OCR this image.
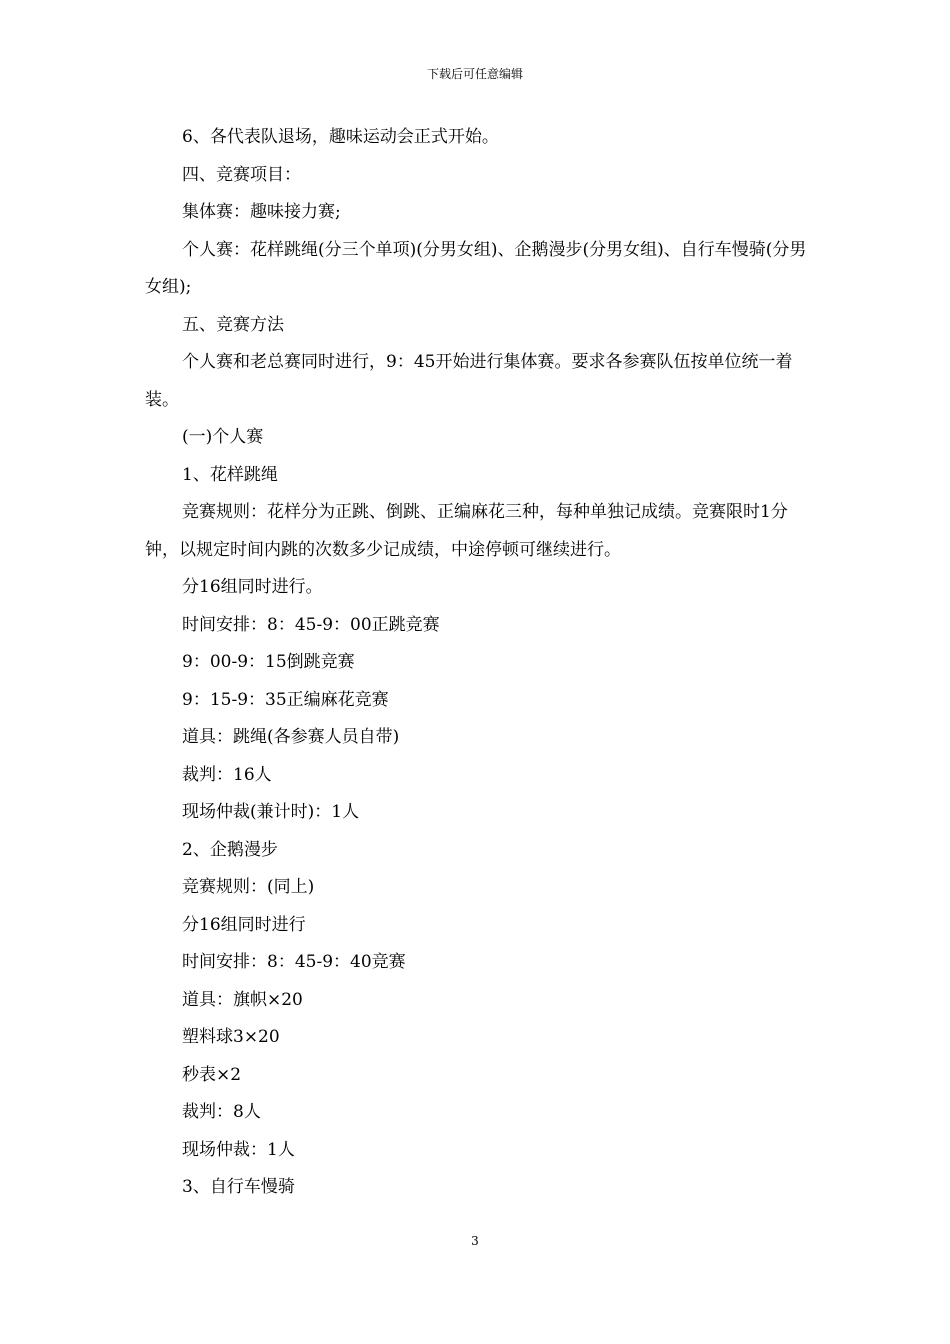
下载后可任意编辑

6、各代表队退场，趣味运动会正式开始。

四、竞赛项目：

集体赛：趣味接力赛;

个人赛：花样跳绳(分三个单项)(分男女组)、企鹅漫步(分男女组)、自行车慢骑(分男女组);

五、竞赛方法

个人赛和老总赛同时进行，9：45开始进行集体赛。要求各参赛队伍按单位统一着装。

(一)个人赛

1、花样跳绳

竞赛规则：花样分为正跳、倒跳、正编麻花三种，每种单独记成绩。竞赛限时1分钟，以规定时间内跳的次数多少记成绩，中途停顿可继续进行。

分16组同时进行。

时间安排：8：45-9：00正跳竞赛

9：00-9：15倒跳竞赛

9：15-9：35正编麻花竞赛

道具：跳绳(各参赛人员自带)

裁判：16人

现场仲裁(兼计时)：1人

2、企鹅漫步

竞赛规则：(同上)

分16组同时进行

时间安排：8：45-9：40竞赛

道具：旗帜×20

塑料球3×20

秒表×2

裁判：8人

现场仲裁：1人

3、自行车慢骑

3
